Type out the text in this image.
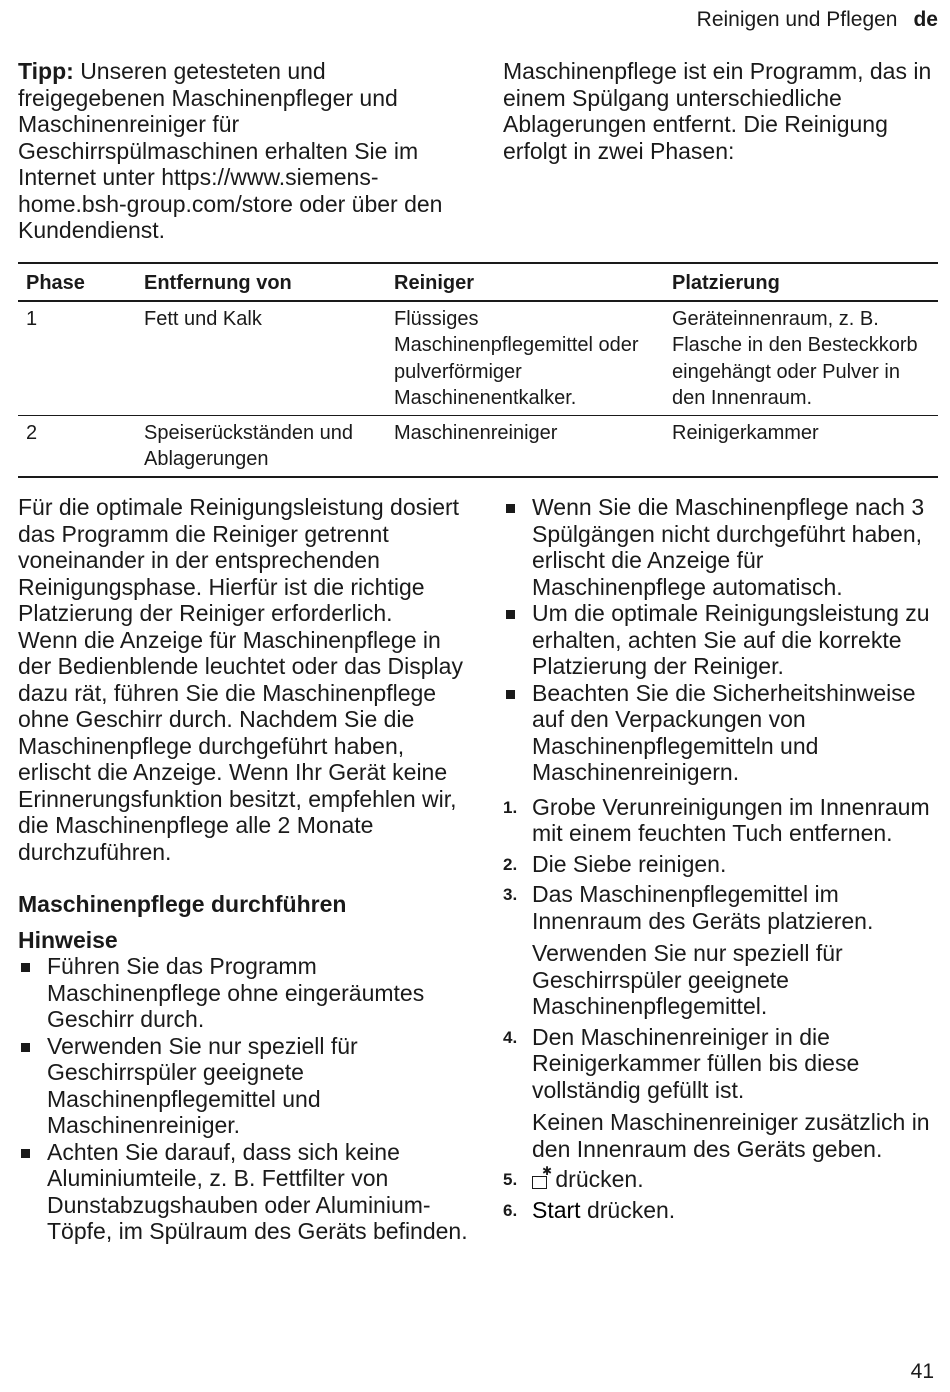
Reinigen und Pflegen de

Tipp: Unseren getesteten und freigegebenen Maschinenpfleger und Maschinenreiniger für Geschirrspülmaschinen erhalten Sie im Internet unter https://www.siemens-home.bsh-group.com/store oder über den Kundendienst.

Maschinenpflege ist ein Programm, das in einem Spülgang unterschiedliche Ablagerungen entfernt. Die Reinigung erfolgt in zwei Phasen:

Phase	Entfernung von	Reiniger	Platzierung
1	Fett und Kalk	Flüssiges Maschinenpflegemittel oder pulverförmiger Maschinenentkalker.	Geräteinnenraum, z. B. Flasche in den Besteckkorb eingehängt oder Pulver in den Innenraum.
2	Speiserückständen und Ablagerungen	Maschinenreiniger	Reinigerkammer

Für die optimale Reinigungsleistung dosiert das Programm die Reiniger getrennt voneinander in der entsprechenden Reinigungsphase. Hierfür ist die richtige Platzierung der Reiniger erforderlich.

Wenn die Anzeige für Maschinenpflege in der Bedienblende leuchtet oder das Display dazu rät, führen Sie die Maschinenpflege ohne Geschirr durch. Nachdem Sie die Maschinenpflege durchgeführt haben, erlischt die Anzeige. Wenn Ihr Gerät keine Erinnerungsfunktion besitzt, empfehlen wir, die Maschinenpflege alle 2 Monate durchzuführen.

Maschinenpflege durchführen
Hinweise
Führen Sie das Programm Maschinenpflege ohne eingeräumtes Geschirr durch.
Verwenden Sie nur speziell für Geschirrspüler geeignete Maschinenpflegemittel und Maschinenreiniger.
Achten Sie darauf, dass sich keine Aluminiumteile, z. B. Fettfilter von Dunstabzugshauben oder Aluminium-Töpfe, im Spülraum des Geräts befinden.
Wenn Sie die Maschinenpflege nach 3 Spülgängen nicht durchgeführt haben, erlischt die Anzeige für Maschinenpflege automatisch.
Um die optimale Reinigungsleistung zu erhalten, achten Sie auf die korrekte Platzierung der Reiniger.
Beachten Sie die Sicherheitshinweise auf den Verpackungen von Maschinenpflegemitteln und Maschinenreinigern.
1. Grobe Verunreinigungen im Innenraum mit einem feuchten Tuch entfernen.
2. Die Siebe reinigen.
3. Das Maschinenpflegemittel im Innenraum des Geräts platzieren.

Verwenden Sie nur speziell für Geschirrspüler geeignete Maschinenpflegemittel.

4. Den Maschinenreiniger in die Reinigerkammer füllen bis diese vollständig gefüllt ist.

Keinen Maschinenreiniger zusätzlich in den Innenraum des Geräts geben.

5. ✱ drücken.
6. Start drücken.
41
